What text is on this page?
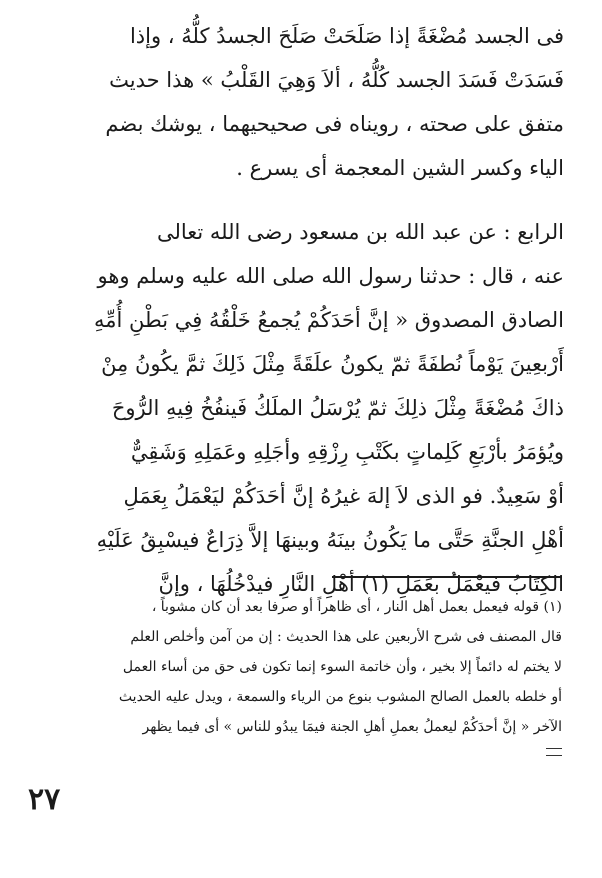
فى الجسد مُضْغَةً إذا صَلَحَتْ صَلَحَ الجسدُ كلُّهُ ، وإذا
فَسَدَتْ فَسَدَ الجسد كُلُّهُ ، ألاَ وَهِيَ القَلْبُ » هذا حديث
متفق على صحته ، رويناه فى صحيحيهما ، يوشك بضم
الياء وكسر الشين المعجمة أى يسرع .
الرابع : عن عبد الله بن مسعود رضى الله تعالى
عنه ، قال : حدثنا رسول الله صلى الله عليه وسلم وهو
الصادق المصدوق « إنَّ أحَدَكُمْ يُجمعُ خَلْقُهُ فِي بَطْنِ أُمِّهِ
أَرْبعِينَ يَوْماً نُطفَةً ثمّ يكونُ علَقَةً مِثْلَ ذَلِكَ ثمَّ يكُونُ مِنْ
ذاكَ مُضْغَةً مِثْلَ ذلِكَ ثمّ يُرْسَلُ الملَكُ فَينفُخُ فِيهِ الرُّوحَ
ويُؤمَرُ بأرْبَعِ كَلِماتٍ بكَتْبِ رِزْقِهِ وأجَلِهِ وعَمَلِهِ وَشَقِيٌّ
أوْ سَعِيدٌ. فو الذى لاَ إلهَ غيرُهُ إنَّ أحَدَكُمْ ليَعْمَلُ بِعَمَلِ
أهْلِ الجنَّةِ حَتَّى ما يَكُونُ بينَهُ وبينهَا إلاَّ ذِرَاعٌ فيسْبِقُ عَلَيْهِ
الكِتَابُ فيعْمَلُ بعَمَلِ (١) أهْلِ النَّارِ فيدْخُلُهَا ، وإنَّ
(١) قوله فيعمل بعمل أهل النار ، أى ظاهراً أو صرفا بعد أن كان مشوباً ،
قال المصنف فى شرح الأربعين على هذا الحديث : إن من آمن وأخلص العلم
لا يختم له دائماً إلا بخير ، وأن خاتمة السوء إنما تكون فى حق من أساء العمل
أو خلطه بالعمل الصالح المشوب بنوع من الرياء والسمعة ، ويدل عليه الحديث
الآخر « إنَّ أحدَكُمْ ليعملُ بعملِ أهلِ الجنة فيمَا يبدُو للناس » أى فيما يظهر
٢٧
